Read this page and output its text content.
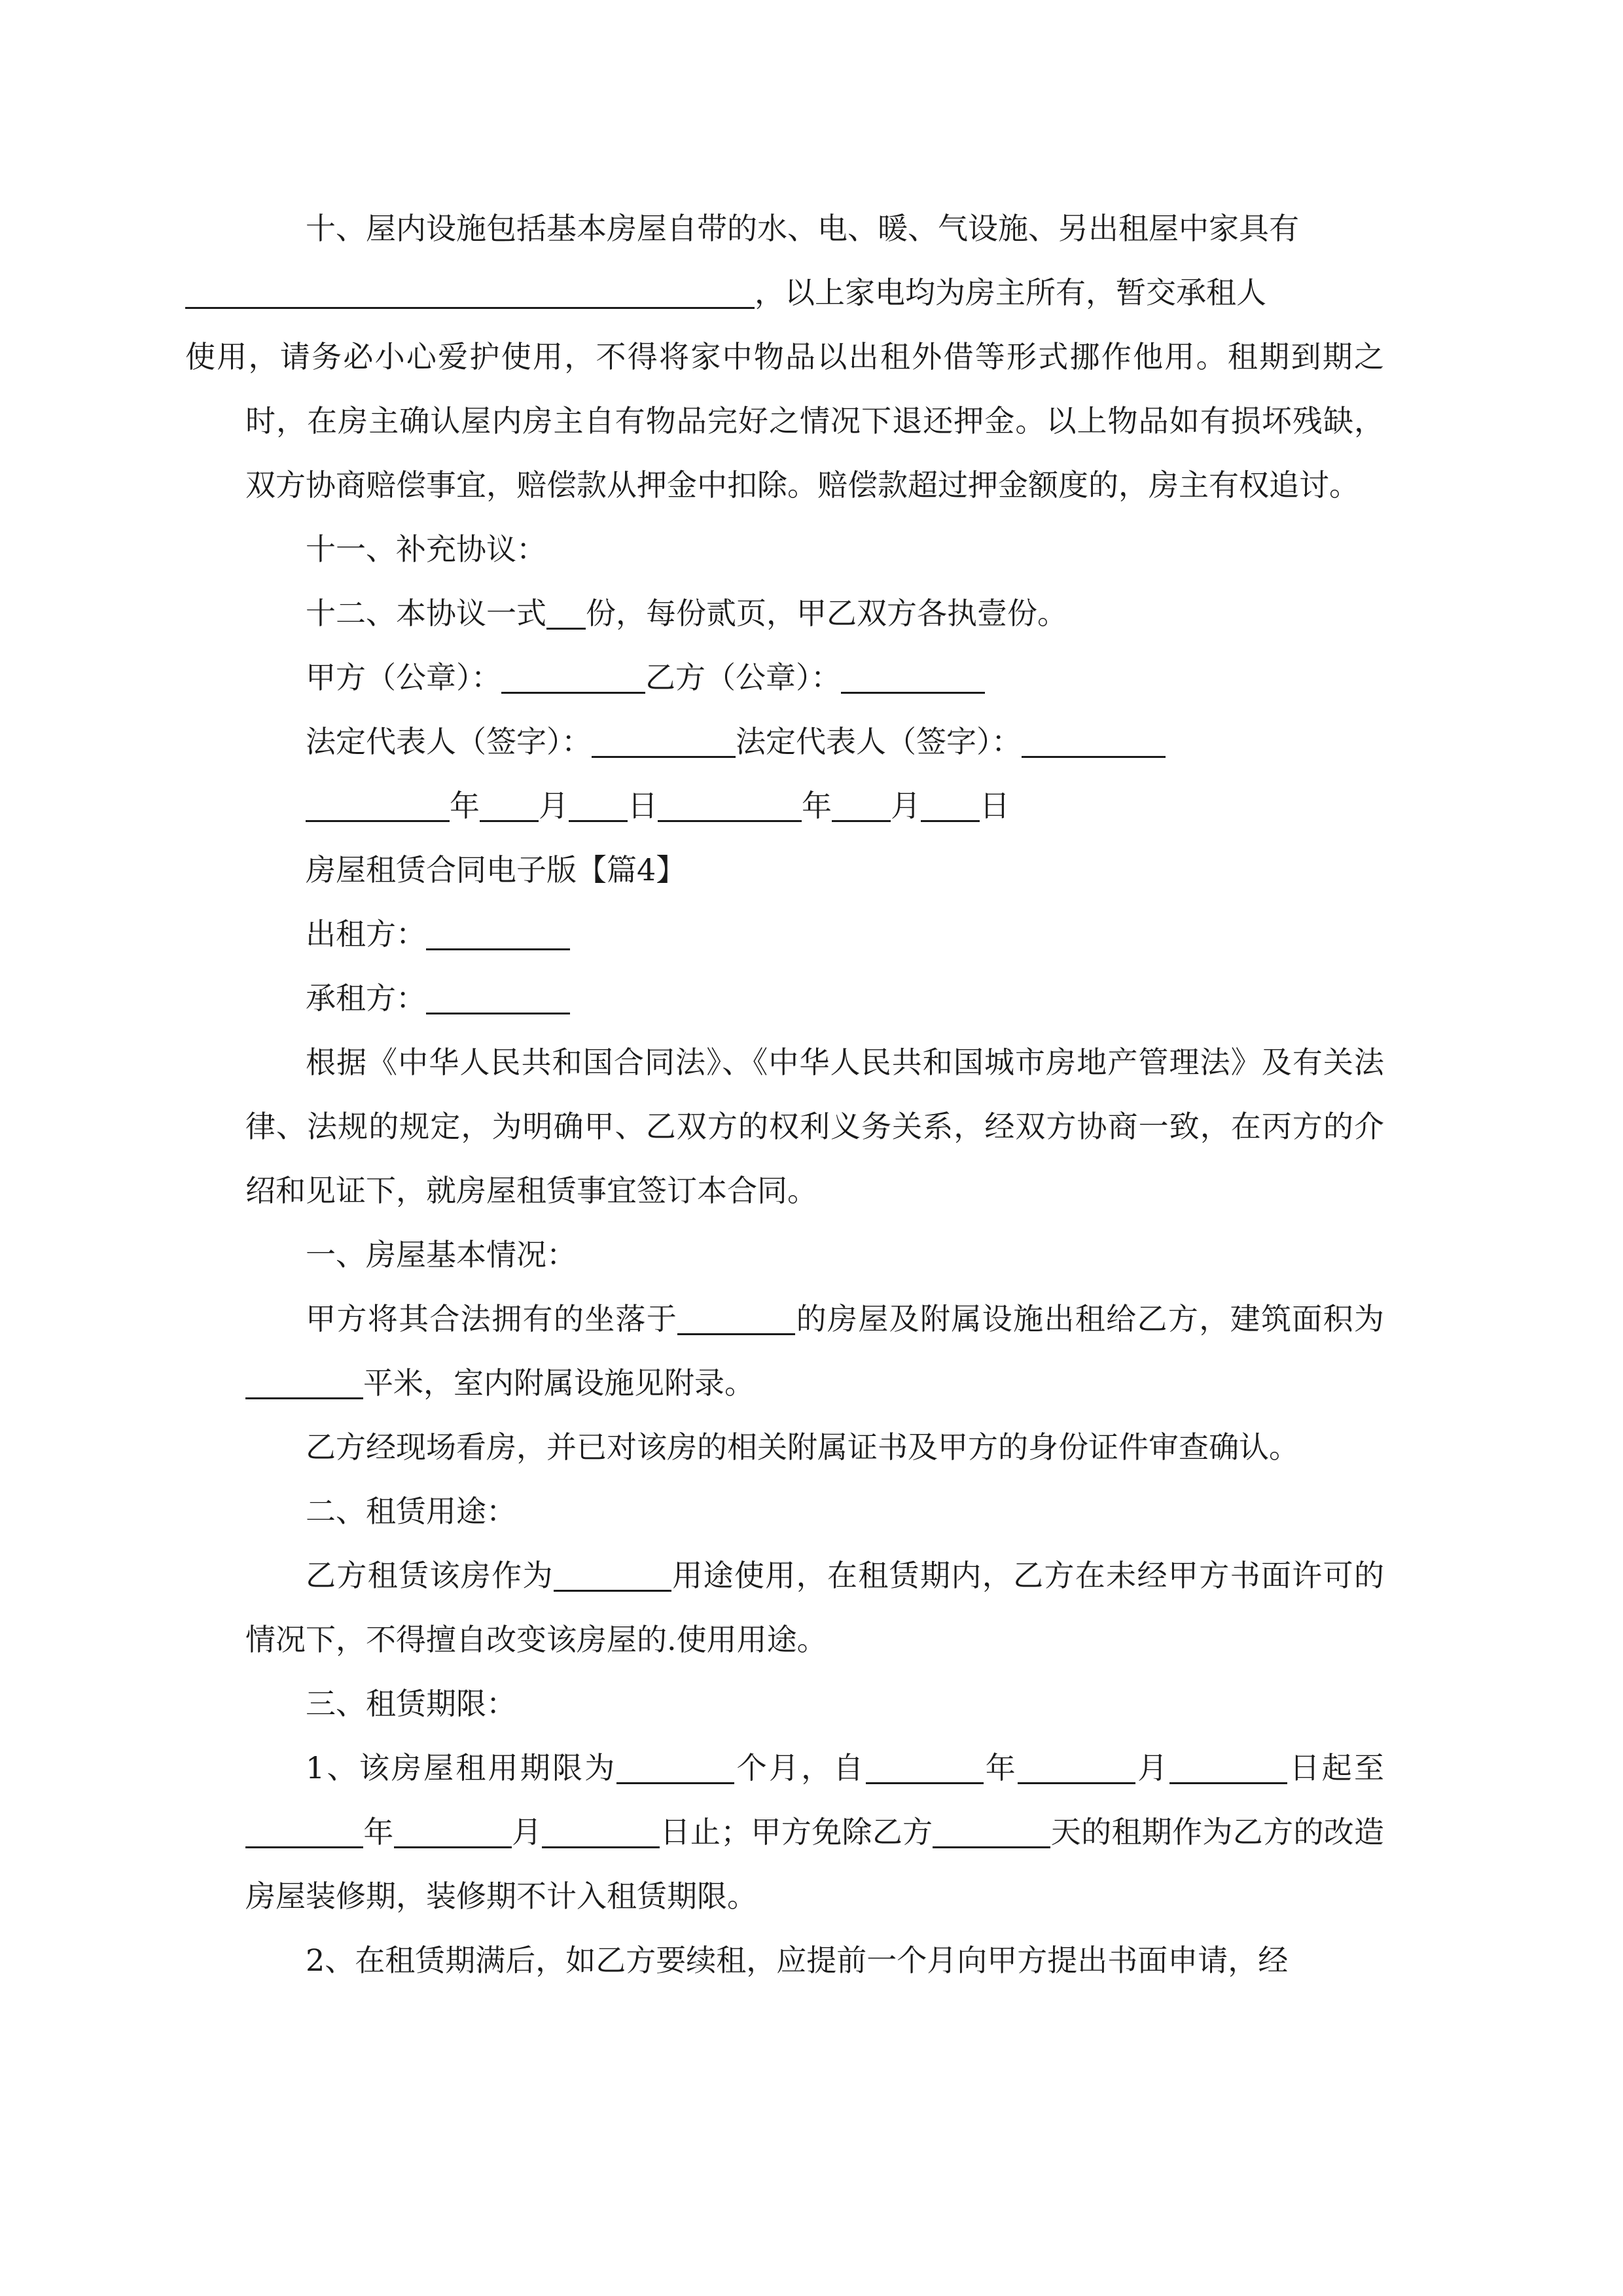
十、屋内设施包括基本房屋自带的水、电、暖、气设施、另出租屋中家具有
，以上家电均为房主所有，暂交承租人
使用，请务必小心爱护使用，不得将家中物品以出租外借等形式挪作他用。租期到期之时，在房主确认屋内房主自有物品完好之情况下退还押金。以上物品如有损坏残缺，双方协商赔偿事宜，赔偿款从押金中扣除。赔偿款超过押金额度的，房主有权追讨。

十一、补充协议：

十二、本协议一式 份，每份贰页，甲乙双方各执壹份。

甲方（公章）：	乙方（公章）：

法定代表人（签字）：	法定代表人（签字）：

年 月 日	年 月 日

房屋租赁合同电子版【篇4】

出租方：

承租方：

根据《中华人民共和国合同法》、《中华人民共和国城市房地产管理法》及有关法律、法规的规定，为明确甲、乙双方的权利义务关系，经双方协商一致，在丙方的介绍和见证下，就房屋租赁事宜签订本合同。

一、房屋基本情况：

甲方将其合法拥有的坐落于	的房屋及附属设施出租给乙方，建筑面积为平米，室内附属设施见附录。

乙方经现场看房，并已对该房的相关附属证书及甲方的身份证件审查确认。

二、租赁用途：

乙方租赁该房作为	用途使用，在租赁期内，乙方在未经甲方书面许可的情况下，不得擅自改变该房屋的.使用用途。

三、租赁期限：

1、该房屋租用期限为	个月，自	年	月	日起至年	月	日止；甲方免除乙方	天的租期作为乙方的改造房屋装修期，装修期不计入租赁期限。

2、在租赁期满后，如乙方要续租，应提前一个月向甲方提出书面申请，经
